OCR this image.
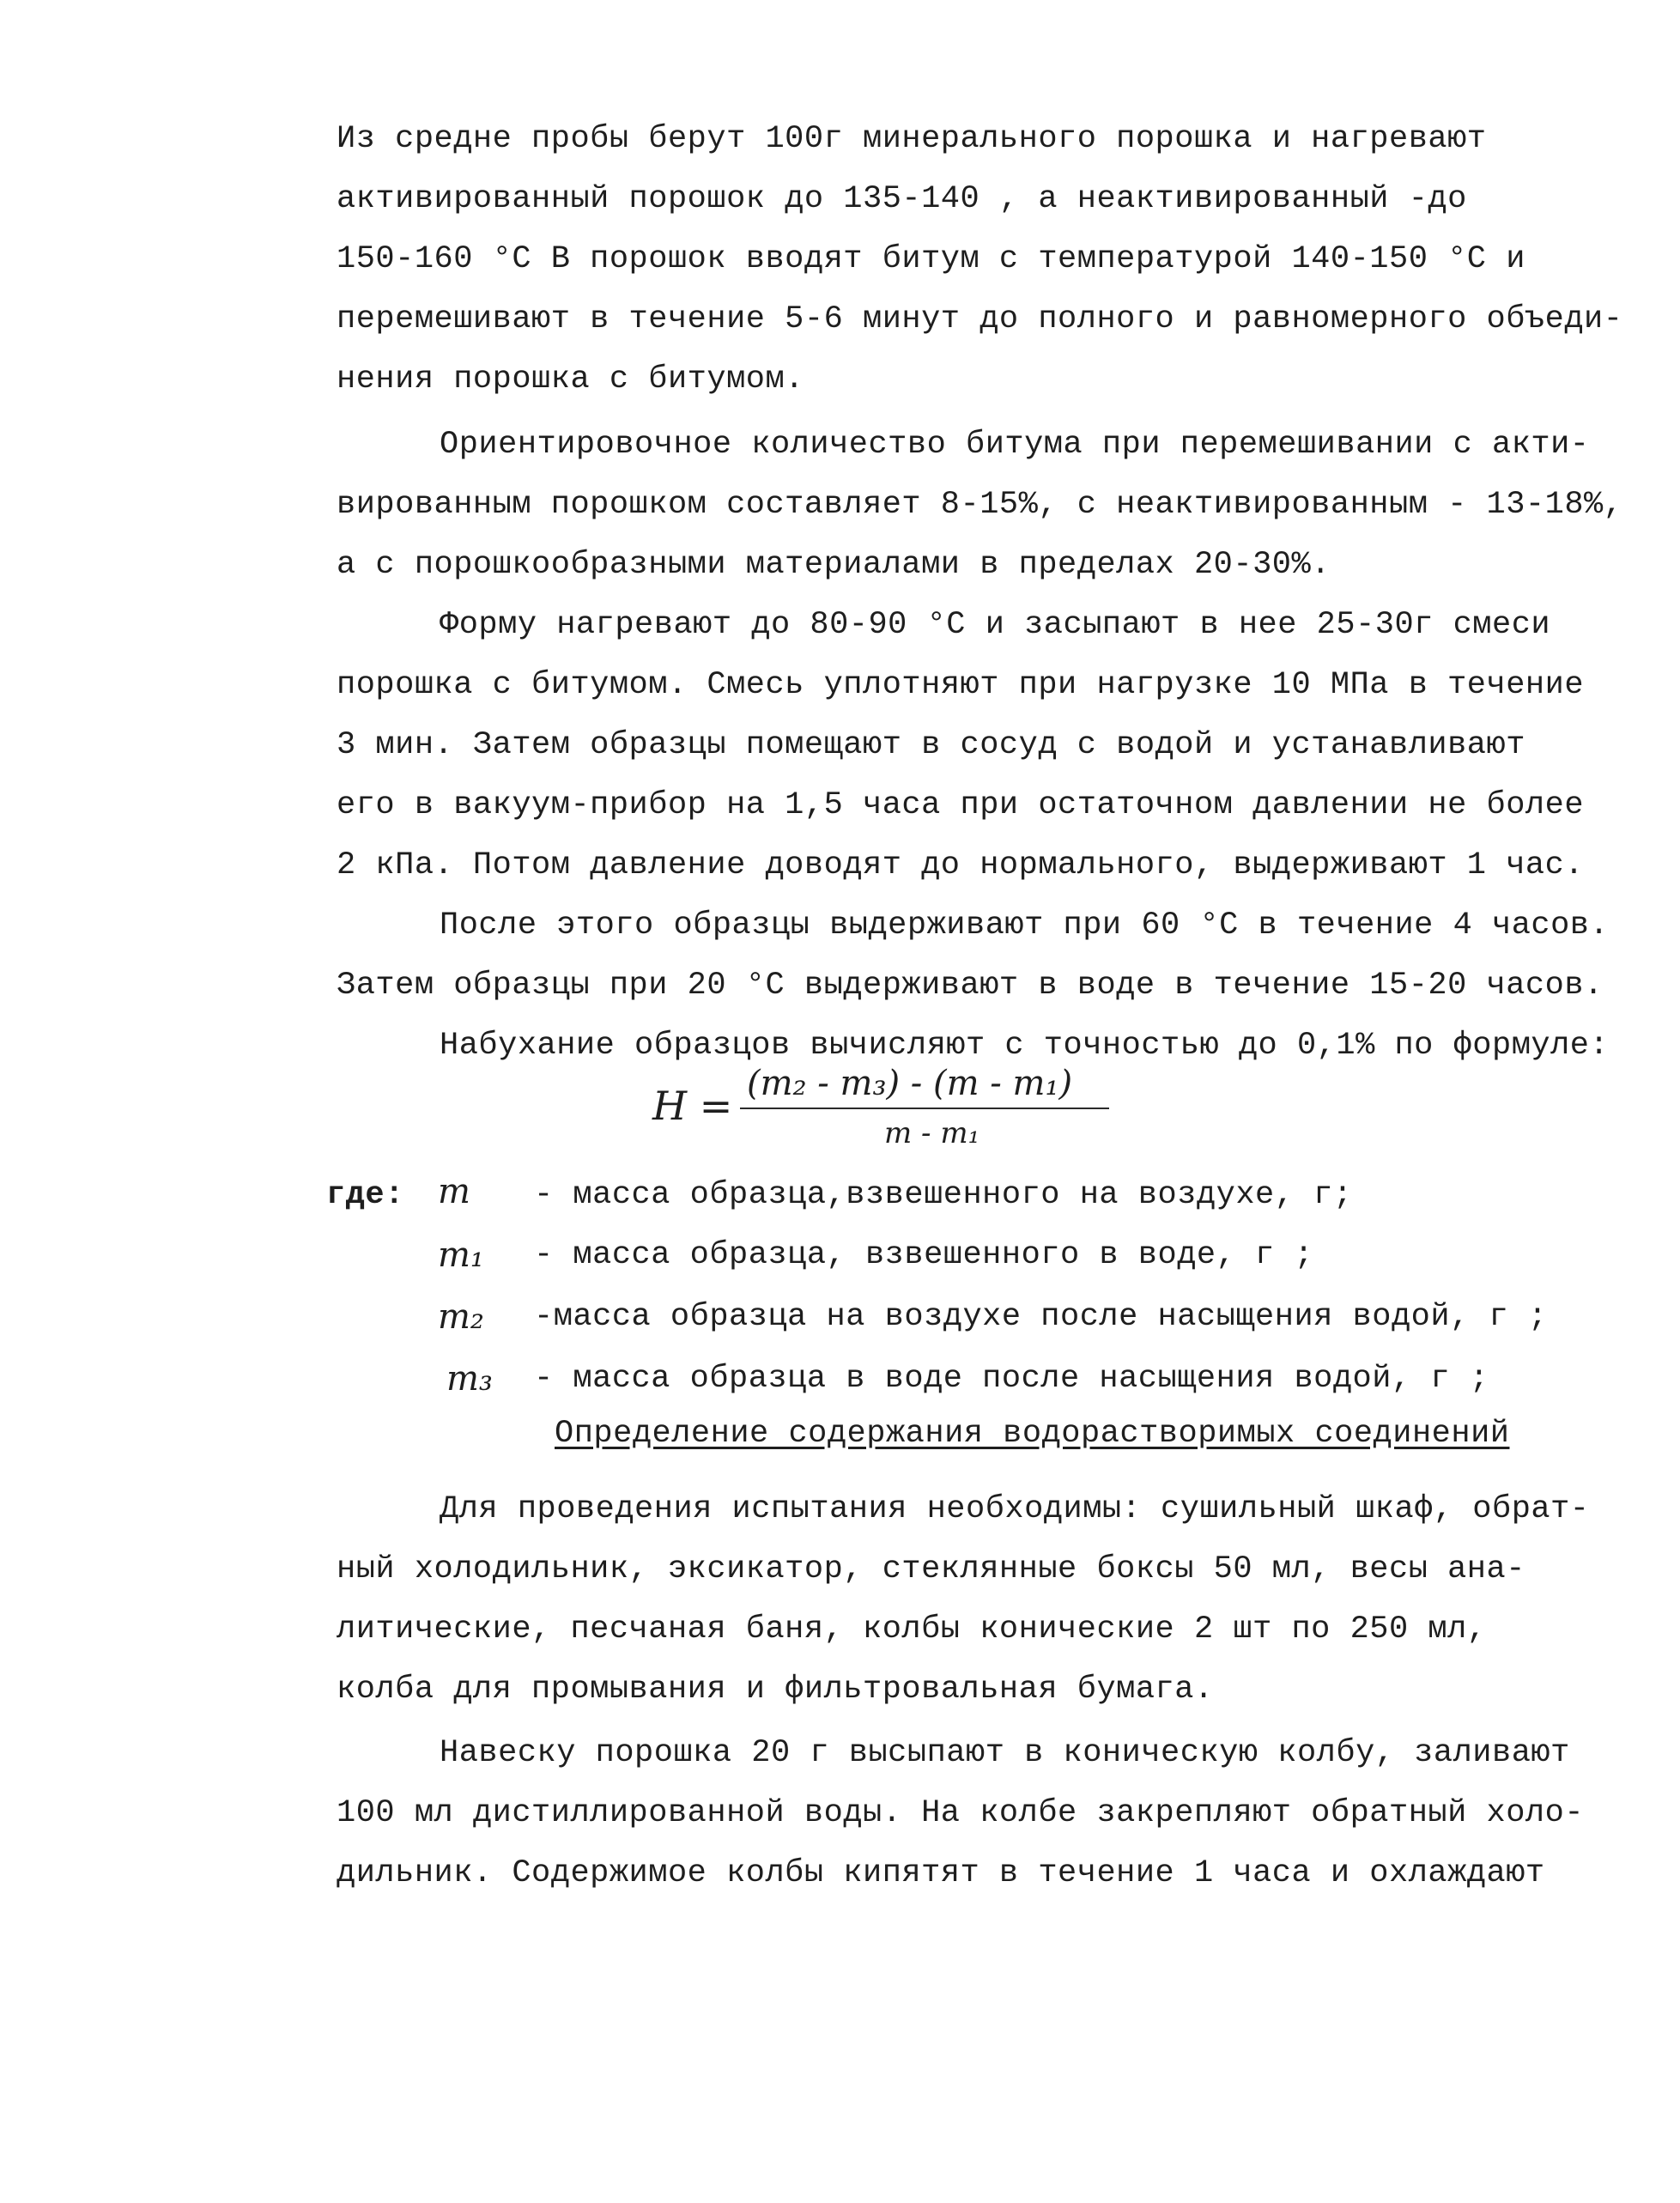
Из средне пробы берут 100г минерального порошка и нагревают
активированный порошок до 135-140 , а неактивированный -до
150-160 °С В порошок вводят битум с температурой 140-150 °С и
перемешивают в течение 5-6 минут до полного и равномерного объеди-
нения порошка с битумом.
Ориентировочное количество битума при перемешивании с акти-
вированным порошком составляет 8-15%, с неактивированным - 13-18%,
а с порошкообразными материалами в пределах 20-30%.
Форму нагревают до 80-90 °С и засыпают в нее 25-30г смеси
порошка с битумом. Смесь уплотняют при нагрузке 10 МПа в течение
3 мин. Затем образцы помещают в сосуд с водой и устанавливают
его в вакуум-прибор на 1,5 часа при остаточном давлении не более
2 кПа. Потом давление доводят до нормального, выдерживают 1 час.
После этого образцы выдерживают при 60 °С в течение 4 часов.
Затем образцы при 20 °С выдерживают в воде в течение 15-20 часов.
Набухание образцов вычисляют с точностью до 0,1% по формуле:
H = (m₂ - m₃) - (m - m₁)
m - m₁
где: m - масса образца,взвешенного на воздухе, г;
m₁ - масса образца, взвешенного в воде, г ;
m₂ -масса образца на воздухе после насыщения водой, г ;
m₃ - масса образца в воде после насыщения водой, г ;
Определение содержания водорастворимых соединений
Для проведения испытания необходимы: сушильный шкаф, обрат-
ный холодильник, эксикатор, стеклянные боксы 50 мл, весы ана-
литические, песчаная баня, колбы конические 2 шт по 250 мл,
колба для промывания и фильтровальная бумага.
Навеску порошка 20 г высыпают в коническую колбу, заливают
100 мл дистиллированной воды. На колбе закрепляют обратный холо-
дильник. Содержимое колбы кипятят в течение 1 часа и охлаждают
